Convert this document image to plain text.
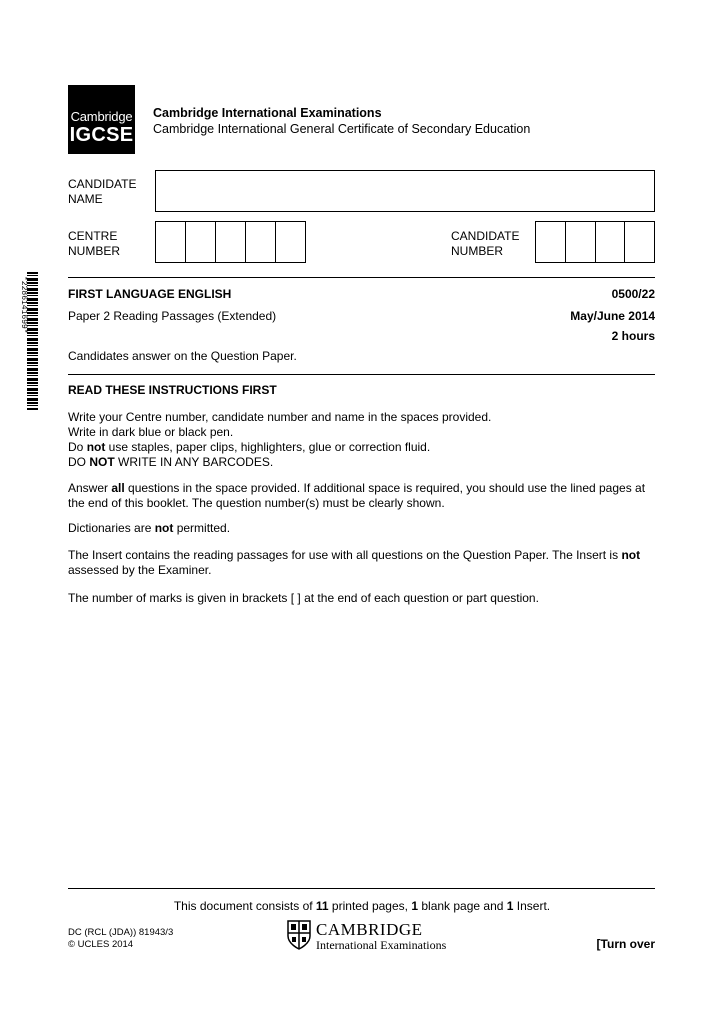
Cambridge
IGCSE
Cambridge International Examinations
Cambridge International General Certificate of Secondary Education
CANDIDATE
NAME
CENTRE
NUMBER
CANDIDATE
NUMBER
*2286141699*	FIRST LANGUAGE ENGLISH	0500/22
Paper 2 Reading Passages (Extended)	May/June 2014
2 hours
Candidates answer on the Question Paper.
READ THESE INSTRUCTIONS FIRST

Write your Centre number, candidate number and name in the spaces provided.

Write in dark blue or black pen.

Do not use staples, paper clips, highlighters, glue or correction fluid.

DO NOT WRITE IN ANY BARCODES.

Answer all questions in the space provided. If additional space is required, you should use the lined pages at the end of this booklet. The question number(s) must be clearly shown.

Dictionaries are not permitted.

The Insert contains the reading passages for use with all questions on the Question Paper. The Insert is not assessed by the Examiner.

The number of marks is given in brackets [ ] at the end of each question or part question.

This document consists of 11 printed pages, 1 blank page and 1 Insert.
DC (RCL (JDA)) 81943/3
© UCLES 2014
CAMBRIDGE
International Examinations	[Turn over
